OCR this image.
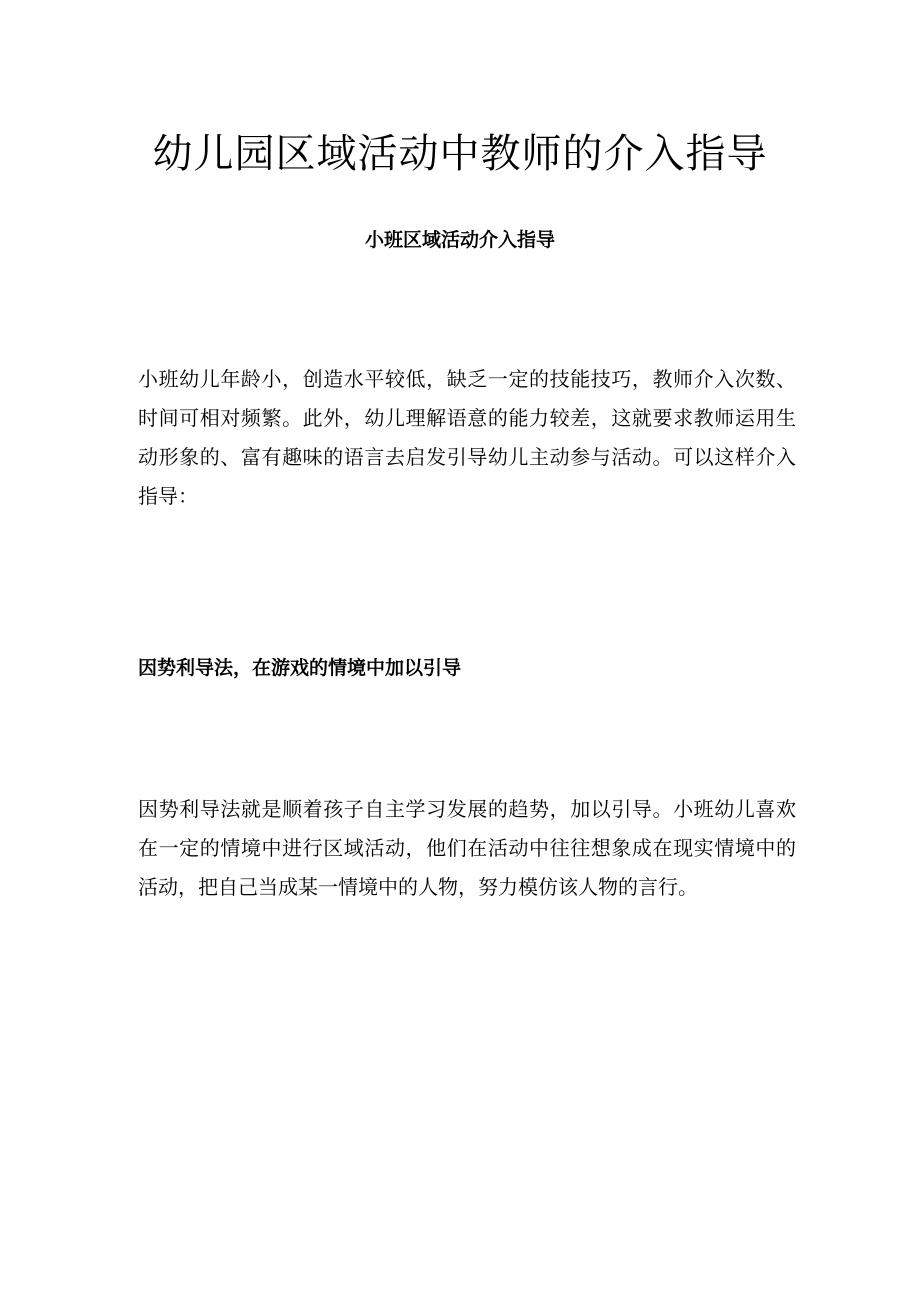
幼儿园区域活动中教师的介入指导
小班区域活动介入指导

小班幼儿年龄小，创造水平较低，缺乏一定的技能技巧，教师介入次数、时间可相对频繁。此外，幼儿理解语意的能力较差，这就要求教师运用生动形象的、富有趣味的语言去启发引导幼儿主动参与活动。可以这样介入指导：

因势利导法，在游戏的情境中加以引导

因势利导法就是顺着孩子自主学习发展的趋势，加以引导。小班幼儿喜欢在一定的情境中进行区域活动，他们在活动中往往想象成在现实情境中的活动，把自己当成某一情境中的人物，努力模仿该人物的言行。
